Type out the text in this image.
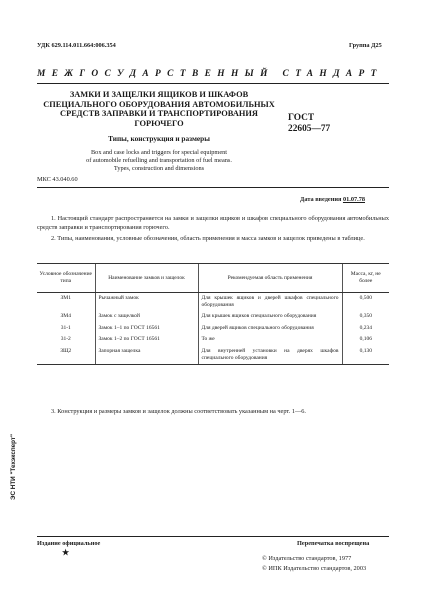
УДК 629.114.011.664:006.354	Группа Д25
МЕЖГОСУДАРСТВЕННЫЙ СТАНДАРТ
ЗАМКИ И ЗАЩЕЛКИ ЯЩИКОВ И ШКАФОВ
СПЕЦИАЛЬНОГО ОБОРУДОВАНИЯ АВТОМОБИЛЬНЫХ
СРЕДСТВ ЗАПРАВКИ И ТРАНСПОРТИРОВАНИЯ
ГОРЮЧЕГО
ГОСТ
22605—77
Типы, конструкция и размеры
Box and case locks and triggers for special equipment
of automobile refuelling and transportation of fuel means.
Types, construction and dimensions
МКС 43.040.60
Дата введения 01.07.78
1. Настоящий стандарт распространяется на замки и защелки ящиков и шкафов специального оборудования автомобильных средств заправки и транспортирования горючего.
2. Типы, наименования, условные обозначения, область применения и масса замков и защелок приведены в таблице.
Условное обозначение типа	Наименование замков и защелок	Рекомендуемая область применения	Масса, кг, не более
ЗМ1	Рычажный замок	Для крышек ящиков и дверей шкафов специального оборудования	0,500
ЗМ4	Замок с защелкой	Для крышек ящиков специального оборудования	0,350
31-1	Замок 1–1 по ГОСТ 16561	Для дверей ящиков специального оборудования	0,234
31-2	Замок 1–2 по ГОСТ 16561	То же	0,106
ЗЩ2	Запорная защелка	Для внутренней установки на дверях шкафов специального оборудования	0,130
3. Конструкция и размеры замков и защелок должны соответствовать указанным на черт. 1—6.
ЭС НТИ "Техэксперт"
Издание официальное
★
Перепечатка воспрещена
© Издательство стандартов, 1977
© ИПК Издательство стандартов, 2003
